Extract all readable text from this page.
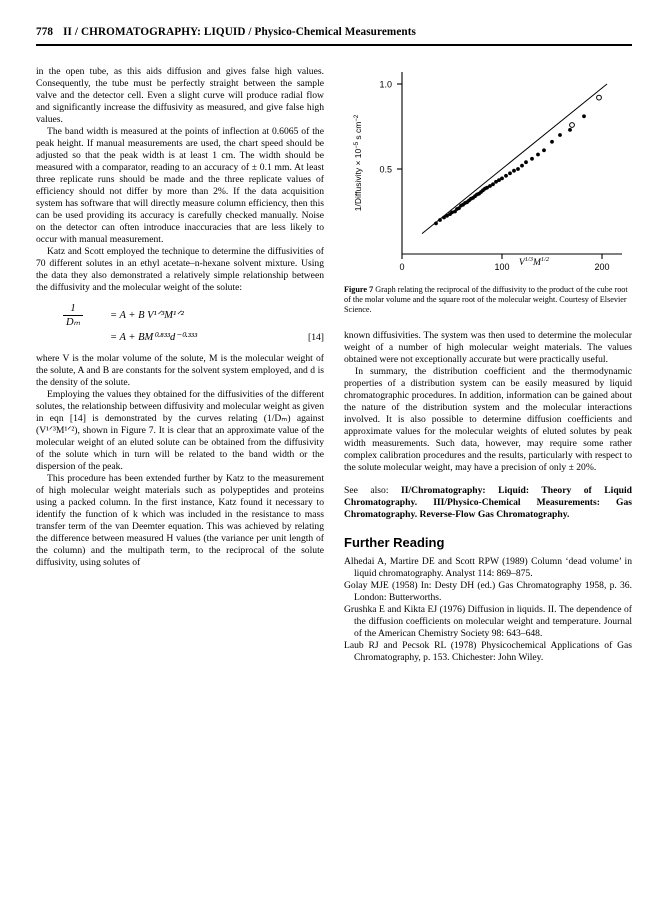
778 II / CHROMATOGRAPHY: LIQUID / Physico-Chemical Measurements

in the open tube, as this aids diffusion and gives false high values. Consequently, the tube must be perfectly straight between the sample valve and the detector cell. Even a slight curve will produce radial flow and significantly increase the diffusivity as measured, and give false high values.

The band width is measured at the points of inflection at 0.6065 of the peak height. If manual measurements are used, the chart speed should be adjusted so that the peak width is at least 1 cm. The width should be measured with a comparator, reading to an accuracy of ± 0.1 mm. At least three replicate runs should be made and the three replicate values of efficiency should not differ by more than 2%. If the data acquisition system has software that will directly measure column efficiency, then this can be used providing its accuracy is carefully checked manually. Noise on the detector can often introduce inaccuracies that are less likely to occur with manual measurement.

Katz and Scott employed the technique to determine the diffusivities of 70 different solutes in an ethyl acetate–n-hexane solvent mixture. Using the data they also demonstrated a relatively simple relationship between the diffusivity and the molecular weight of the solute:

$\frac{1}{\text{Dₘ}}$	= A + B V¹ᐟ³M¹ᐟ²
= A + BM⁰·⁸³³d⁻⁰·³³³	[14]

where V is the molar volume of the solute, M is the molecular weight of the solute, A and B are constants for the solvent system employed, and d is the density of the solute.

Employing the values they obtained for the diffusivities of the different solutes, the relationship between diffusivity and molecular weight as given in eqn [14] is demonstrated by the curves relating (1/Dₘ) against (V¹ᐟ³M¹ᐟ²), shown in Figure 7. It is clear that an approximate value of the molecular weight of an eluted solute can be obtained from the diffusivity of the solute which in turn will be related to the band width or the dispersion of the peak.

This procedure has been extended further by Katz to the measurement of high molecular weight materials such as polypeptides and proteins using a packed column. In the first instance, Katz found it necessary to identify the function of k which was included in the resistance to mass transfer term of the van Deemter equation. This was achieved by relating the difference between measured H values (the variance per unit length of the column) and the multipath term, to the reciprocal of the solute diffusivity, using solutes of

1.0
0.5
0	100	200
1/Diffusivity × $10^{-5}$ s $cm^{-2}$
$V^{1/3}M^{1/2}$
Figure 7 Graph relating the reciprocal of the diffusivity to the product of the cube root of the molar volume and the square root of the molecular weight. Courtesy of Elsevier Science.

known diffusivities. The system was then used to determine the molecular weight of a number of high molecular weight materials. The values obtained were not exceptionally accurate but were practically useful.

In summary, the distribution coefficient and the thermodynamic properties of a distribution system can be easily measured by liquid chromatographic procedures. In addition, information can be gained about the nature of the distribution system and the molecular interactions involved. It is also possible to determine diffusion coefficients and approximate values for the molecular weights of eluted solutes by peak width measurements. Such data, however, may require some rather complex calibration procedures and the results, particularly with respect to the solute molecular weight, may have a precision of only ± 20%.

See also: II/Chromatography: Liquid: Theory of Liquid Chromatography. III/Physico-Chemical Measurements: Gas Chromatography. Reverse-Flow Gas Chromatography.
Further Reading
Alhedai A, Martire DE and Scott RPW (1989) Column ‘dead volume’ in liquid chromatography. Analyst 114: 869–875.
Golay MJE (1958) In: Desty DH (ed.) Gas Chromatography 1958, p. 36. London: Butterworths.
Grushka E and Kikta EJ (1976) Diffusion in liquids. II. The dependence of the diffusion coefficients on molecular weight and temperature. Journal of the American Chemistry Society 98: 643–648.
Laub RJ and Pecsok RL (1978) Physicochemical Applications of Gas Chromatography, p. 153. Chichester: John Wiley.
